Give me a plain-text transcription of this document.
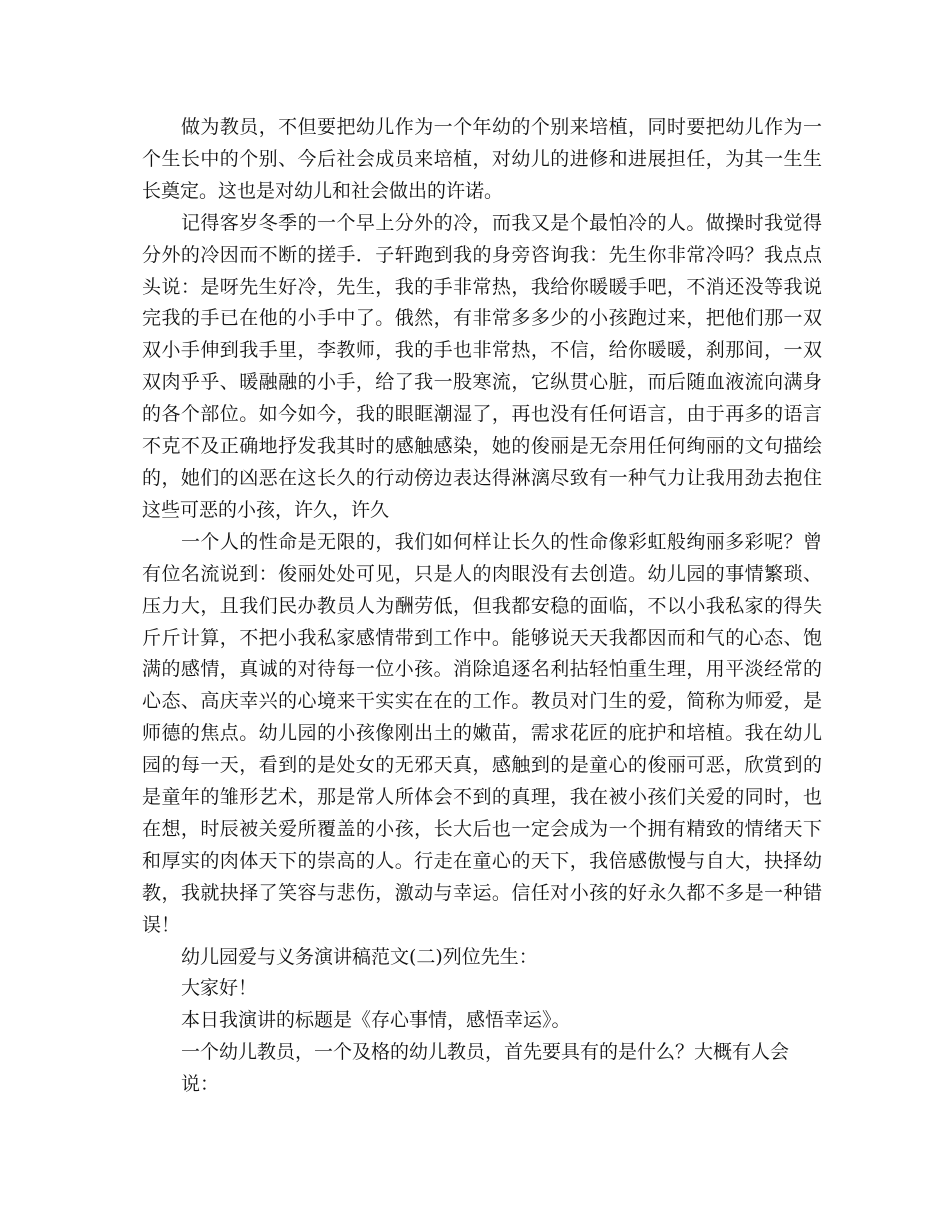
做为教员，不但要把幼儿作为一个年幼的个别来培植，同时要把幼儿作为一个生长中的个别、今后社会成员来培植，对幼儿的进修和进展担任，为其一生生长奠定。这也是对幼儿和社会做出的许诺。

记得客岁冬季的一个早上分外的冷，而我又是个最怕冷的人。做操时我觉得分外的冷因而不断的搓手．子轩跑到我的身旁咨询我：先生你非常冷吗？我点点头说：是呀先生好冷，先生，我的手非常热，我给你暖暖手吧，不消还没等我说完我的手已在他的小手中了。俄然，有非常多多少的小孩跑过来，把他们那一双双小手伸到我手里，李教师，我的手也非常热，不信，给你暖暖，刹那间，一双双肉乎乎、暖融融的小手，给了我一股寒流，它纵贯心脏，而后随血液流向满身的各个部位。如今如今，我的眼眶潮湿了，再也没有任何语言，由于再多的语言不克不及正确地抒发我其时的感触感染，她的俊丽是无奈用任何绚丽的文句描绘的，她们的凶恶在这长久的行动傍边表达得淋漓尽致有一种气力让我用劲去抱住这些可恶的小孩，许久，许久

一个人的性命是无限的，我们如何样让长久的性命像彩虹般绚丽多彩呢？曾有位名流说到：俊丽处处可见，只是人的肉眼没有去创造。幼儿园的事情繁琐、压力大，且我们民办教员人为酬劳低，但我都安稳的面临，不以小我私家的得失斤斤计算，不把小我私家感情带到工作中。能够说天天我都因而和气的心态、饱满的感情，真诚的对待每一位小孩。消除追逐名利拈轻怕重生理，用平淡经常的心态、高庆幸兴的心境来干实实在在的工作。教员对门生的爱，简称为师爱，是师德的焦点。幼儿园的小孩像刚出土的嫩苗，需求花匠的庇护和培植。我在幼儿园的每一天，看到的是处女的无邪天真，感触到的是童心的俊丽可恶，欣赏到的是童年的雏形艺术，那是常人所体会不到的真理，我在被小孩们关爱的同时，也在想，时辰被关爱所覆盖的小孩，长大后也一定会成为一个拥有精致的情绪天下和厚实的肉体天下的崇高的人。行走在童心的天下，我倍感傲慢与自大，抉择幼教，我就抉择了笑容与悲伤，激动与幸运。信任对小孩的好永久都不多是一种错误！

幼儿园爱与义务演讲稿范文(二)列位先生：

大家好！

本日我演讲的标题是《存心事情，感悟幸运》。

一个幼儿教员，一个及格的幼儿教员，首先要具有的是什么？大概有人会说：
